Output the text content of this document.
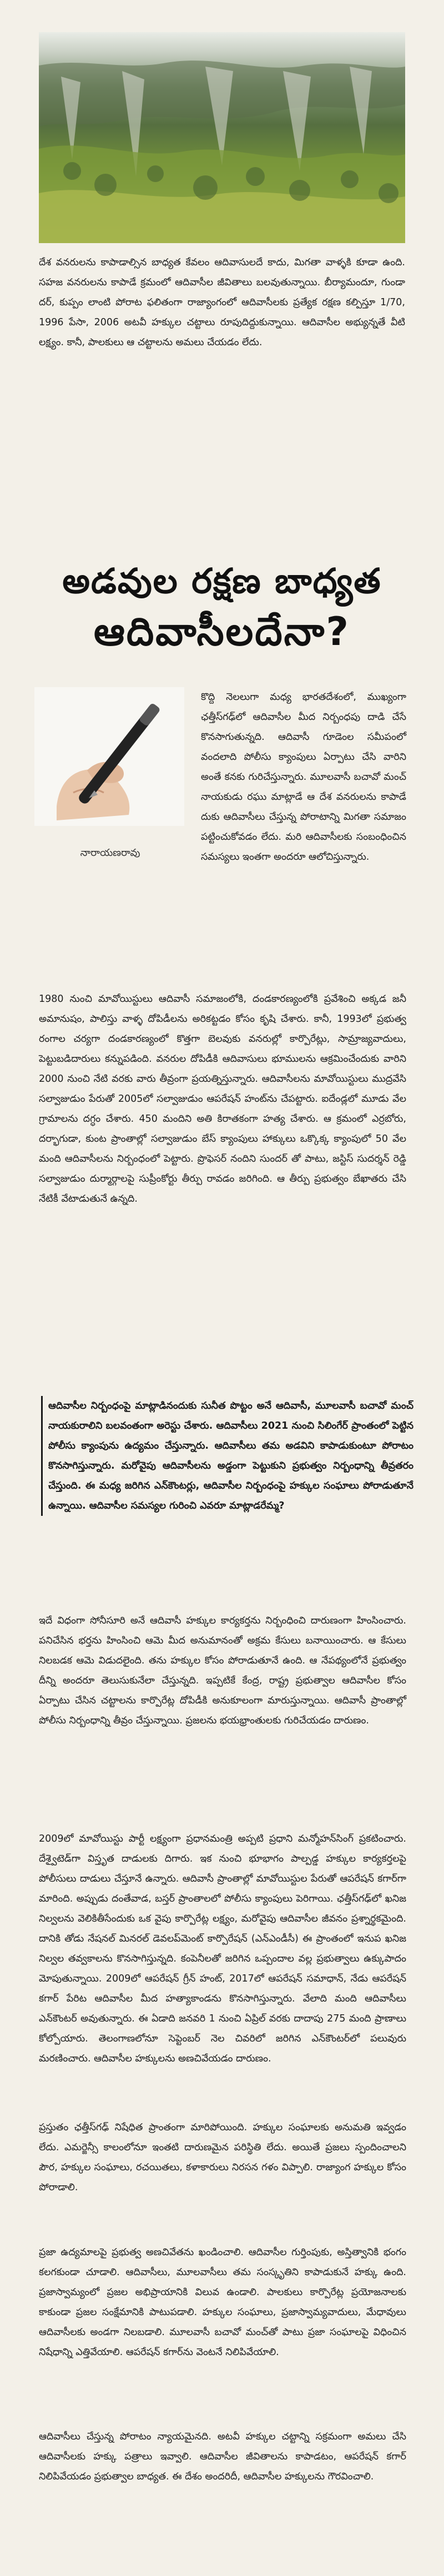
దేశ వనరులను కాపాడాల్సిన బాధ్యత కేవలం ఆదివాసులదే కాదు, మిగతా వాళ్ళకి కూడా ఉంది. సహజ వనరులను కాపాడే క్రమంలో ఆదివాసీల జీవితాలు బలవుతున్నాయి. బీర్యామందూ, గుండా దర్, కుప్పం లాంటి పోరాట ఫలితంగా రాజ్యాంగంలో ఆదివాసీలకు ప్రత్యేక రక్షణ కల్పిస్తూ 1/70, 1996 పేసా, 2006 అటవీ హక్కుల చట్టాలు రూపుదిద్దుకున్నాయి. ఆదివాసీల అభ్యున్నతే వీటి లక్ష్యం. కానీ, పాలకులు ఆ చట్టాలను అమలు చేయడం లేదు.

అడవుల రక్షణ బాధ్యత
ఆదివాసీలదేనా?

నారాయణరావు

కొద్ది నెలలుగా మధ్య భారతదేశంలో, ముఖ్యంగా ఛత్తీస్‌గఢ్‌లో ఆదివాసీల మీద నిర్బంధపు దాడి చేసే కొనసాగుతున్నది. ఆదివాసీ గూడెంల సమీపంలో వందలాది పోలీసు క్యాంపులు ఏర్పాటు చేసి వారిని అంతే కనకు గురిచేస్తున్నారు. మూలవాసీ బచావో మంచ్ నాయకుడు రఘు మాట్లాడే ఆ దేశ వనరులను కాపాడే దుకు ఆదివాసీలు చేస్తున్న పోరాటాన్ని మిగతా సమాజం పట్టించుకోవడం లేదు. మరి ఆదివాసీలకు సంబంధించిన సమస్యలు ఇంతగా అందరూ ఆలోచిస్తున్నారు.

1980 నుంచి మావోయిస్టులు ఆదివాసీ సమాజంలోకి, దండకారణ్యంలోకి ప్రవేశించి అక్కడ జనీ అమానుషం, పాలిస్తు వాళ్ళ దోపిడీలను అరికట్టడం కోసం కృషి చేశారు. కానీ, 1993లో ప్రభుత్వ రంగాల చర్యగా దండకారణ్యంలో కొత్తగా బెలవుకు వనరుల్లో కార్పొరేట్లు, సామ్రాజ్యవాదులు, పెట్టుబడిదారులు కన్నుపడింది. వనరుల దోపిడీకి ఆదివాసులు భూములను ఆక్రమించేందుకు వారిని 2000 నుంచి నేటి వరకు వారు తీవ్రంగా ప్రయత్నిస్తున్నారు. ఆదివాసీలను మావోయిస్టులు ముద్రవేసి సల్వాజుడుం పేరుతో 2005లో సల్వాజుడుం ఆపరేషన్ హంట్‌ను చేపట్టారు. ఐదేండ్లలో మూడు వేల గ్రామాలను దగ్ధం చేశారు. 450 మందిని అతి కిరాతకంగా హత్య చేశారు. ఆ క్రమంలో ఎర్రబోరు, దర్భాగుడా, కుంట ప్రాంతాల్లో సల్వాజుడుం బేస్ క్యాంపులు హాక్కులు ఒక్కొక్క క్యాంపులో 50 వేల మంది ఆదివాసీలను నిర్బంధంలో పెట్టారు. ప్రొఫెసర్ నందిని సుందర్ తో పాటు, జస్టిస్ సుదర్శన్ రెడ్డి సల్వాజుడుం దుర్మార్గాలపై సుప్రీంకోర్టు తీర్పు రావడం జరిగింది. ఆ తీర్పు ప్రభుత్వం బేఖాతరు చేసి నేటికీ వేటాడుతునే ఉన్నది.

ఆదివాసీల నిర్బంధంపై మాట్లాడినందుకు సునీత పొట్టం అనే ఆదివాసీ, మూలవాసీ బచావో మంచ్ నాయకురాలిని బలవంతంగా అరెస్టు చేశారు. ఆదివాసీలు 2021 నుంచి సిలింగేర్ ప్రాంతంలో పెట్టిన పోలీసు క్యాంపును ఉద్యమం చేస్తున్నారు. ఆదివాసీలు తమ అడవిని కాపాడుకుంటూ పోరాటం కొనసాగిస్తున్నారు. మరోవైపు ఆదివాసీలను అడ్డంగా పెట్టుకుని ప్రభుత్వం నిర్బంధాన్ని తీవ్రతరం చేస్తుంది. ఈ మధ్య జరిగిన ఎన్‌కౌంటర్లు, ఆదివాసీల నిర్బంధంపై హక్కుల సంఘాలు పోరాడుతూనే ఉన్నాయి. ఆదివాసీల సమస్యల గురించి ఎవరూ మాట్లాడరేమ్మ?

ఇదే విధంగా సోనీసూరి అనే ఆదివాసీ హక్కుల కార్యకర్తను నిర్బంధించి దారుణంగా హింసించారు. పనిచేసిన భర్తను హింసించి ఆమె మీద అనుమానంతో అక్రమ కేసులు బనాయించారు. ఆ కేసులు నిలబడక ఆమె విడుదలైంది. తను హక్కుల కోసం పోరాడుతూనే ఉంది. ఆ నేపథ్యంలోనే ప్రభుత్వం దీన్ని అందరూ తెలుసుకునేలా చేస్తున్నది. ఇప్పటికే కేంద్ర, రాష్ట్ర ప్రభుత్వాల ఆదివాసీల కోసం ఏర్పాటు చేసిన చట్టాలను కార్పొరేట్ల దోపిడీకి అనుకూలంగా మారుస్తున్నాయి. ఆదివాసీ ప్రాంతాల్లో పోలీసు నిర్బంధాన్ని తీవ్రం చేస్తున్నాయి. ప్రజలను భయభ్రాంతులకు గురిచేయడం దారుణం.

2009లో మావోయిస్టు పార్టీ లక్ష్యంగా ప్రధానమంత్రి అప్పటి ప్రధాని మన్మోహన్‌సింగ్ ప్రకటించారు. దేశ్వైటెడ్‌గా విస్తృత దాడులకు దిగారు. ఇక నుంచి భూభాగం పాల్పడ్డ హక్కుల కార్యకర్తలపై పోలీసులు దాడులు చేస్తూనే ఉన్నారు. ఆదివాసీ ప్రాంతాల్లో మావోయిస్టుల పేరుతో ఆపరేషన్ కగార్‌గా మారింది. అప్పుడు దంతేవాడ, బస్తర్ ప్రాంతాలలో పోలీసు క్యాంపులు పెరిగాయి. ఛత్తీస్‌గఢ్‌లో ఖనిజ నిల్వలను వెలికితీసేందుకు ఒక వైపు కార్పొరేట్ల లక్ష్యం, మరోవైపు ఆదివాసీల జీవనం ప్రశ్నార్థకమైంది. దానికి తోడు నేషనల్ మినరల్ డెవలప్‌మెంట్ కార్పొరేషన్ (ఎన్ఎండీసీ) ఈ ప్రాంతంలో ఇనుప ఖనిజ నిల్వల తవ్వకాలను కొనసాగిస్తున్నది. కంపెనీలతో జరిగిన ఒప్పందాల వల్ల ప్రభుత్వాలు ఉక్కుపాదం మోపుతున్నాయి. 2009లో ఆపరేషన్ గ్రీన్ హంట్, 2017లో ఆపరేషన్ సమాధాన్, నేడు ఆపరేషన్ కగార్ పేరిట ఆదివాసీల మీద హత్యాకాండను కొనసాగిస్తున్నారు. వేలాది మంది ఆదివాసీలు ఎన్‌కౌంటర్ అవుతున్నారు. ఈ ఏడాది జనవరి 1 నుంచి ఏప్రిల్ వరకు దాదాపు 275 మంది ప్రాణాలు కోల్పోయారు. తెలంగాణలోనూ సెప్టెంబర్ నెల చివరిలో జరిగిన ఎన్‌కౌంటర్‌లో పలువురు మరణించారు. ఆదివాసీల హక్కులను అణచివేయడం దారుణం.

ప్రస్తుతం ఛత్తీస్‌గఢ్ నిషేధిత ప్రాంతంగా మారిపోయింది. హక్కుల సంఘాలకు అనుమతి ఇవ్వడం లేదు. ఎమర్జెన్సీ కాలంలోనూ ఇంతటి దారుణమైన పరిస్థితి లేదు. అయితే ప్రజలు స్పందించాలని పౌర, హక్కుల సంఘాలు, రచయితలు, కళాకారులు నిరసన గళం విప్పాలి. రాజ్యాంగ హక్కుల కోసం పోరాడాలి.

ప్రజా ఉద్యమాలపై ప్రభుత్వ అణచివేతను ఖండించాలి. ఆదివాసీల గుర్తింపుకు, అస్తిత్వానికి భంగం కలగకుండా చూడాలి. ఆదివాసీలు, మూలవాసీలు తమ సంస్కృతిని కాపాడుకునే హక్కు ఉంది. ప్రజాస్వామ్యంలో ప్రజల అభిప్రాయానికి విలువ ఉండాలి. పాలకులు కార్పొరేట్ల ప్రయోజనాలకు కాకుండా ప్రజల సంక్షేమానికి పాటుపడాలి. హక్కుల సంఘాలు, ప్రజాస్వామ్యవాదులు, మేధావులు ఆదివాసీలకు అండగా నిలబడాలి. మూలవాసీ బచావో మంచ్‌తో పాటు ప్రజా సంఘాలపై విధించిన నిషేధాన్ని ఎత్తివేయాలి. ఆపరేషన్ కగార్‌ను వెంటనే నిలిపివేయాలి.

ఆదివాసీలు చేస్తున్న పోరాటం న్యాయమైనది. అటవీ హక్కుల చట్టాన్ని సక్రమంగా అమలు చేసి ఆదివాసీలకు హక్కు పత్రాలు ఇవ్వాలి. ఆదివాసీల జీవితాలను కాపాడటం, ఆపరేషన్ కగార్ నిలిపివేయడం ప్రభుత్వాల బాధ్యత. ఈ దేశం అందరిదీ, ఆదివాసీల హక్కులను గౌరవించాలి.
